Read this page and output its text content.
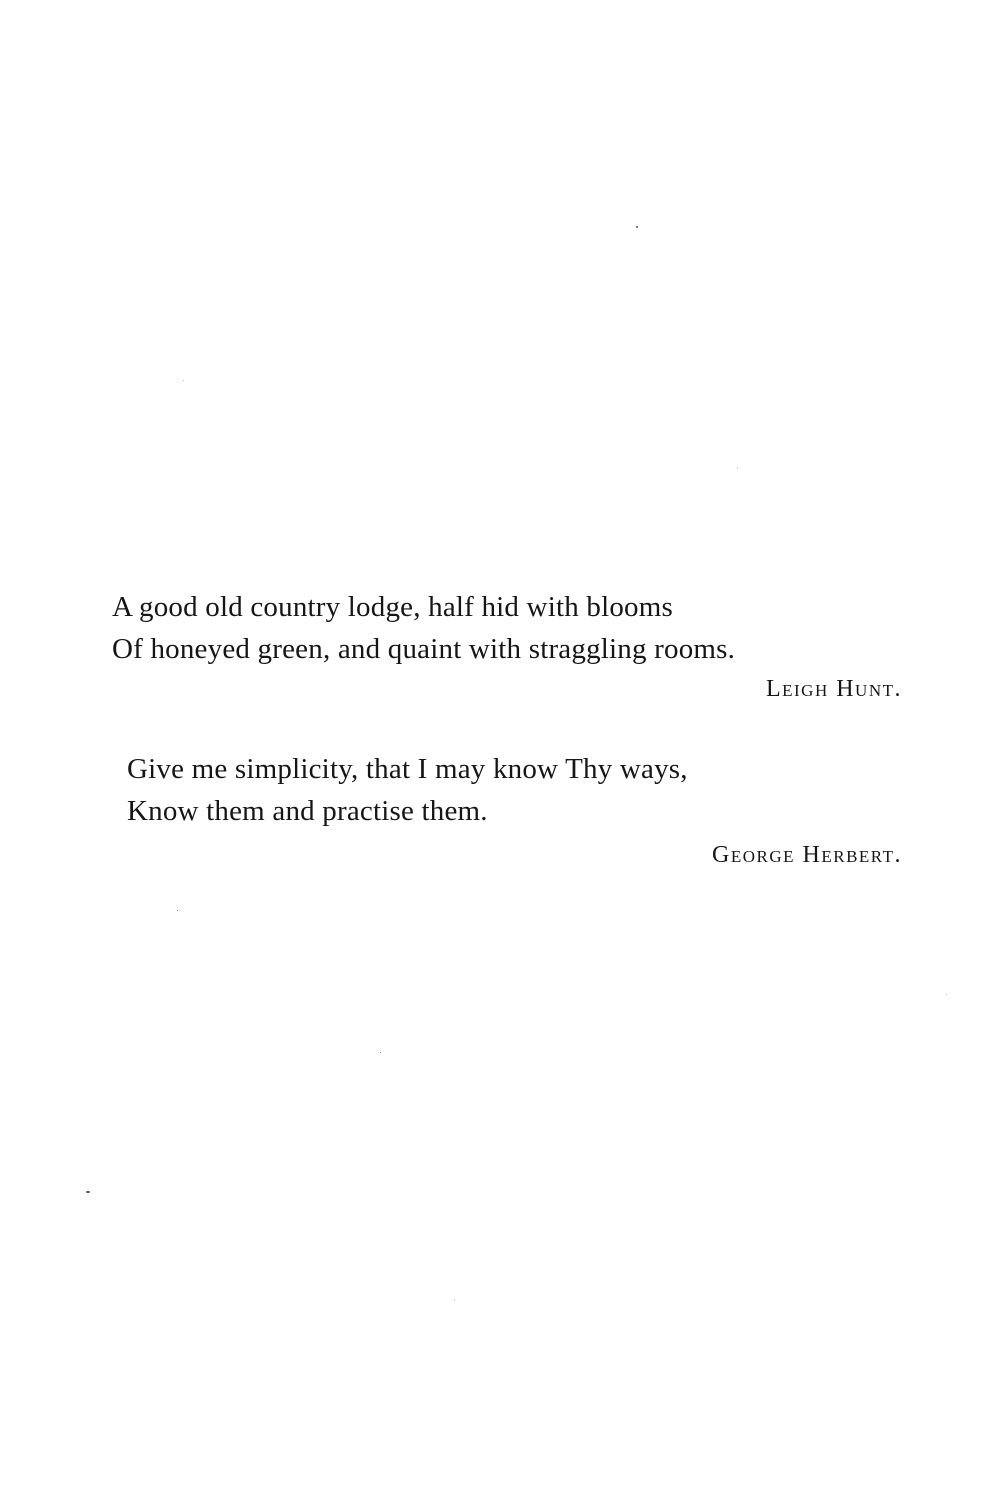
A good old country lodge, half hid with blooms
Of honeyed green, and quaint with straggling rooms.
Leigh Hunt.
Give me simplicity, that I may know Thy ways,
Know them and practise them.
George Herbert.
